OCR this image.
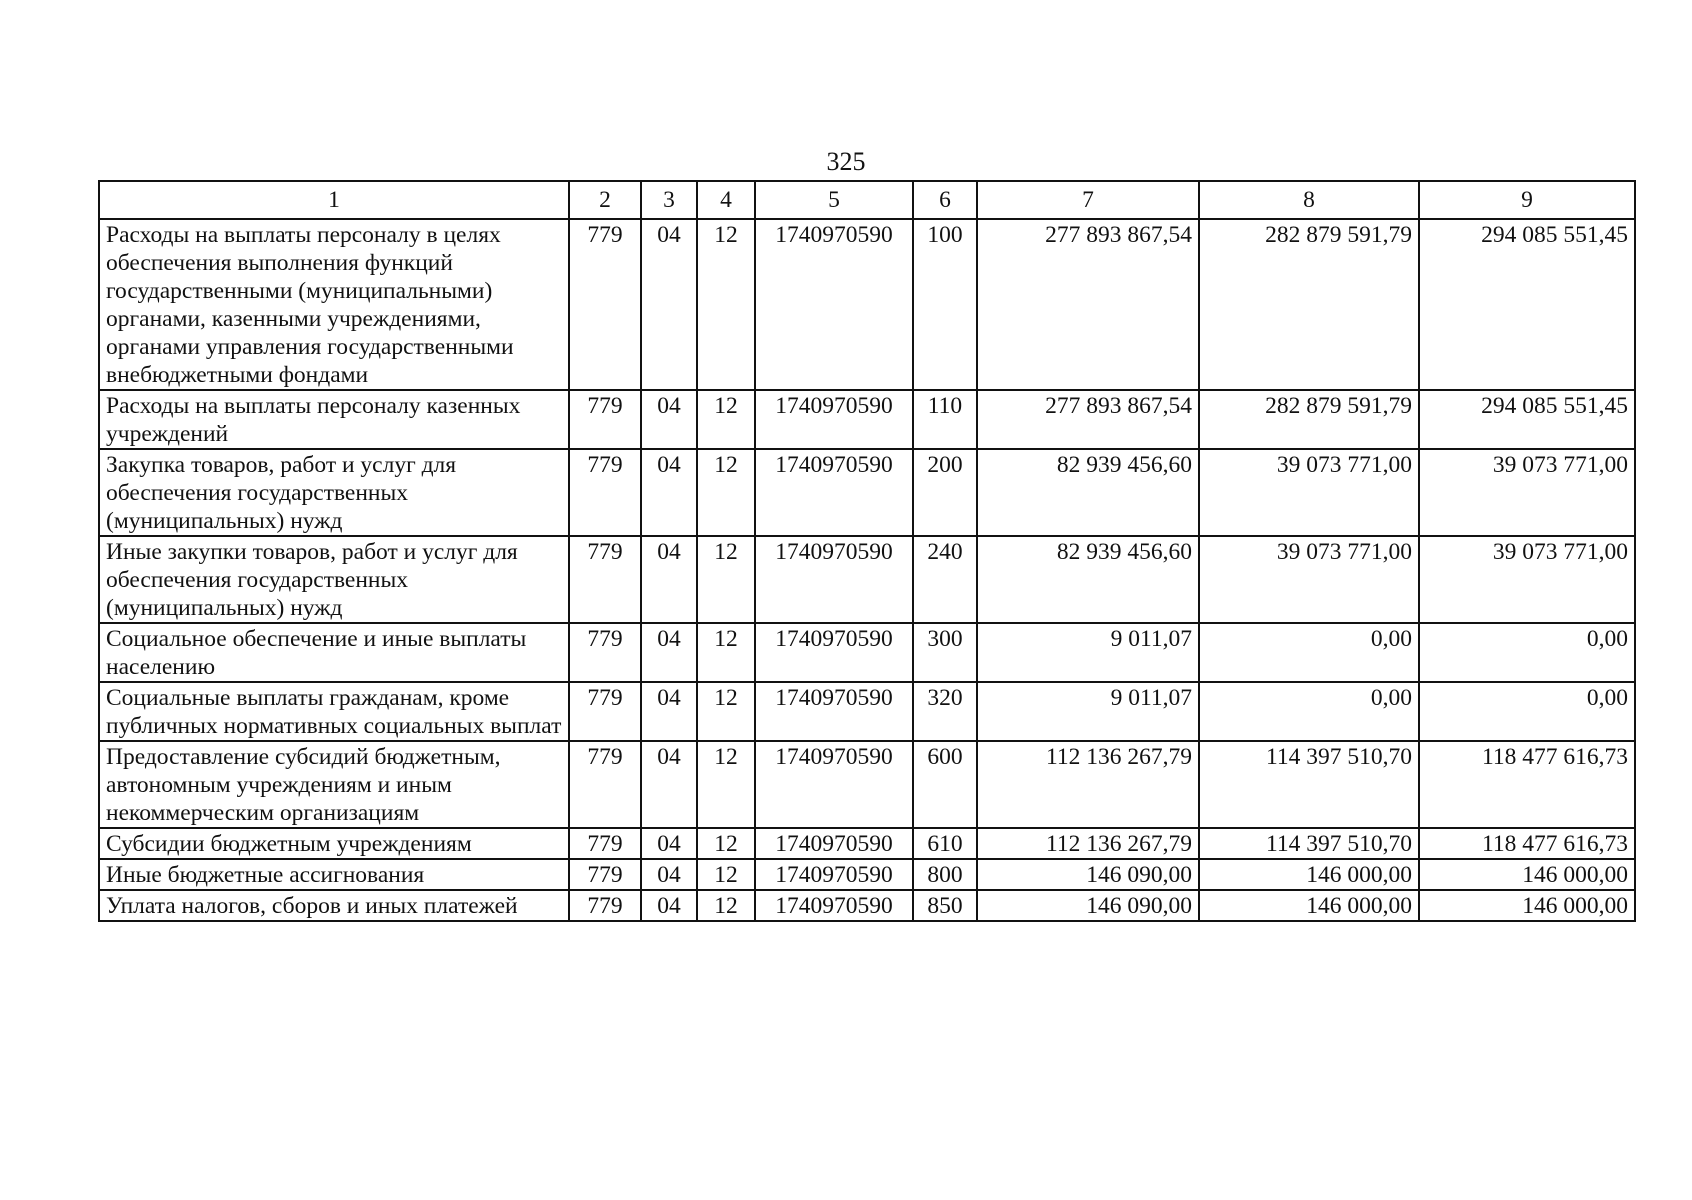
325
1	2	3	4	5	6	7	8	9
Расходы на выплаты персоналу в целях обеспечения выполнения функций государственными (муниципальными) органами, казенными учреждениями, органами управления государственными внебюджетными фондами	779	04	12	1740970590	100	277 893 867,54	282 879 591,79	294 085 551,45
Расходы на выплаты персоналу казенных учреждений	779	04	12	1740970590	110	277 893 867,54	282 879 591,79	294 085 551,45
Закупка товаров, работ и услуг для обеспечения государственных (муниципальных) нужд	779	04	12	1740970590	200	82 939 456,60	39 073 771,00	39 073 771,00
Иные закупки товаров, работ и услуг для обеспечения государственных (муниципальных) нужд	779	04	12	1740970590	240	82 939 456,60	39 073 771,00	39 073 771,00
Социальное обеспечение и иные выплаты населению	779	04	12	1740970590	300	9 011,07	0,00	0,00
Социальные выплаты гражданам, кроме публичных нормативных социальных выплат	779	04	12	1740970590	320	9 011,07	0,00	0,00
Предоставление субсидий бюджетным, автономным учреждениям и иным некоммерческим организациям	779	04	12	1740970590	600	112 136 267,79	114 397 510,70	118 477 616,73
Субсидии бюджетным учреждениям	779	04	12	1740970590	610	112 136 267,79	114 397 510,70	118 477 616,73
Иные бюджетные ассигнования	779	04	12	1740970590	800	146 090,00	146 000,00	146 000,00
Уплата налогов, сборов и иных платежей	779	04	12	1740970590	850	146 090,00	146 000,00	146 000,00
